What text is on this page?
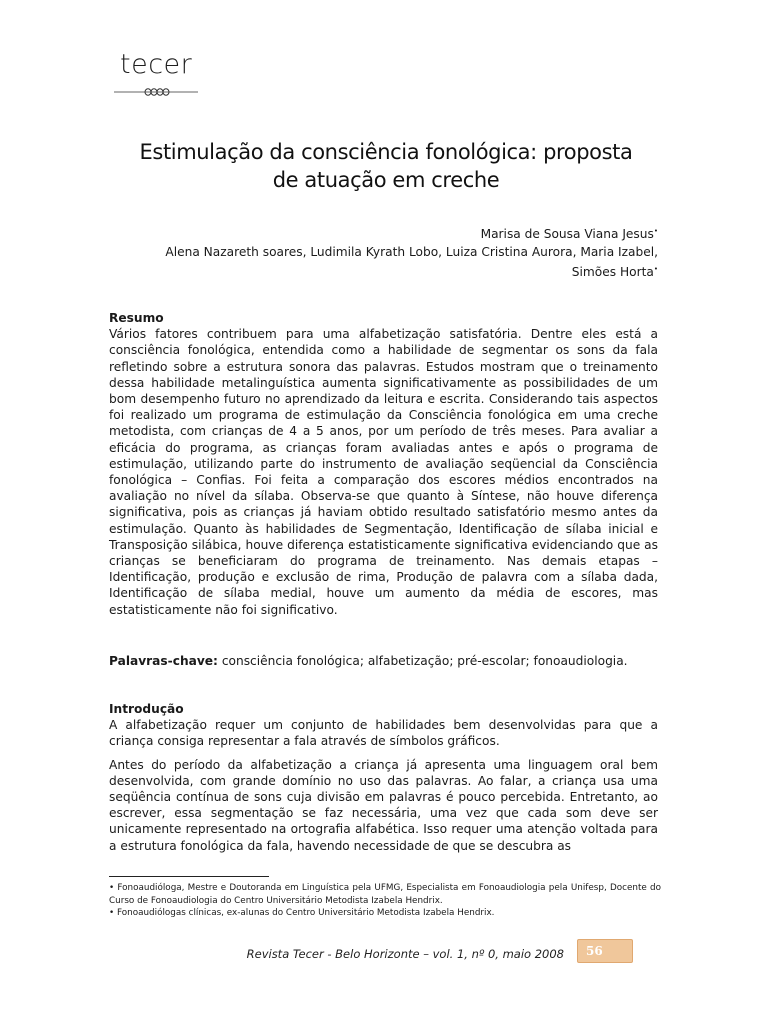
tecer
Estimulação da consciência fonológica: proposta
de atuação em creche
Marisa de Sousa Viana Jesus•
Alena Nazareth soares, Ludimila Kyrath Lobo, Luiza Cristina Aurora, Maria Izabel,
Simões Horta•
Resumo

Vários fatores contribuem para uma alfabetização satisfatória. Dentre eles está a consciência fonológica, entendida como a habilidade de segmentar os sons da fala refletindo sobre a estrutura sonora das palavras. Estudos mostram que o treinamento dessa habilidade metalinguística aumenta significativamente as possibilidades de um bom desempenho futuro no aprendizado da leitura e escrita. Considerando tais aspectos foi realizado um programa de estimulação da Consciência fonológica em uma creche metodista, com crianças de 4 a 5 anos, por um período de três meses. Para avaliar a eficácia do programa, as crianças foram avaliadas antes e após o programa de estimulação, utilizando parte do instrumento de avaliação seqüencial da Consciência fonológica – Confias. Foi feita a comparação dos escores médios encontrados na avaliação no nível da sílaba. Observa-se que quanto à Síntese, não houve diferença significativa, pois as crianças já haviam obtido resultado satisfatório mesmo antes da estimulação. Quanto às habilidades de Segmentação, Identificação de sílaba inicial e Transposição silábica, houve diferença estatisticamente significativa evidenciando que as crianças se beneficiaram do programa de treinamento. Nas demais etapas – Identificação, produção e exclusão de rima, Produção de palavra com a sílaba dada, Identificação de sílaba medial, houve um aumento da média de escores, mas estatisticamente não foi significativo.

Palavras-chave: consciência fonológica; alfabetização; pré-escolar; fonoaudiologia.

Introdução

A alfabetização requer um conjunto de habilidades bem desenvolvidas para que a criança consiga representar a fala através de símbolos gráficos.

Antes do período da alfabetização a criança já apresenta uma linguagem oral bem desenvolvida, com grande domínio no uso das palavras. Ao falar, a criança usa uma seqüência contínua de sons cuja divisão em palavras é pouco percebida. Entretanto, ao escrever, essa segmentação se faz necessária, uma vez que cada som deve ser unicamente representado na ortografia alfabética. Isso requer uma atenção voltada para a estrutura fonológica da fala, havendo necessidade de que se descubra as

• Fonoaudióloga, Mestre e Doutoranda em Linguística pela UFMG, Especialista em Fonoaudiologia pela Unifesp, Docente do Curso de Fonoaudiologia do Centro Universitário Metodista Izabela Hendrix.

• Fonoaudiólogas clínicas, ex-alunas do Centro Universitário Metodista Izabela Hendrix.

Revista Tecer - Belo Horizonte – vol. 1, nº 0, maio 2008	56
